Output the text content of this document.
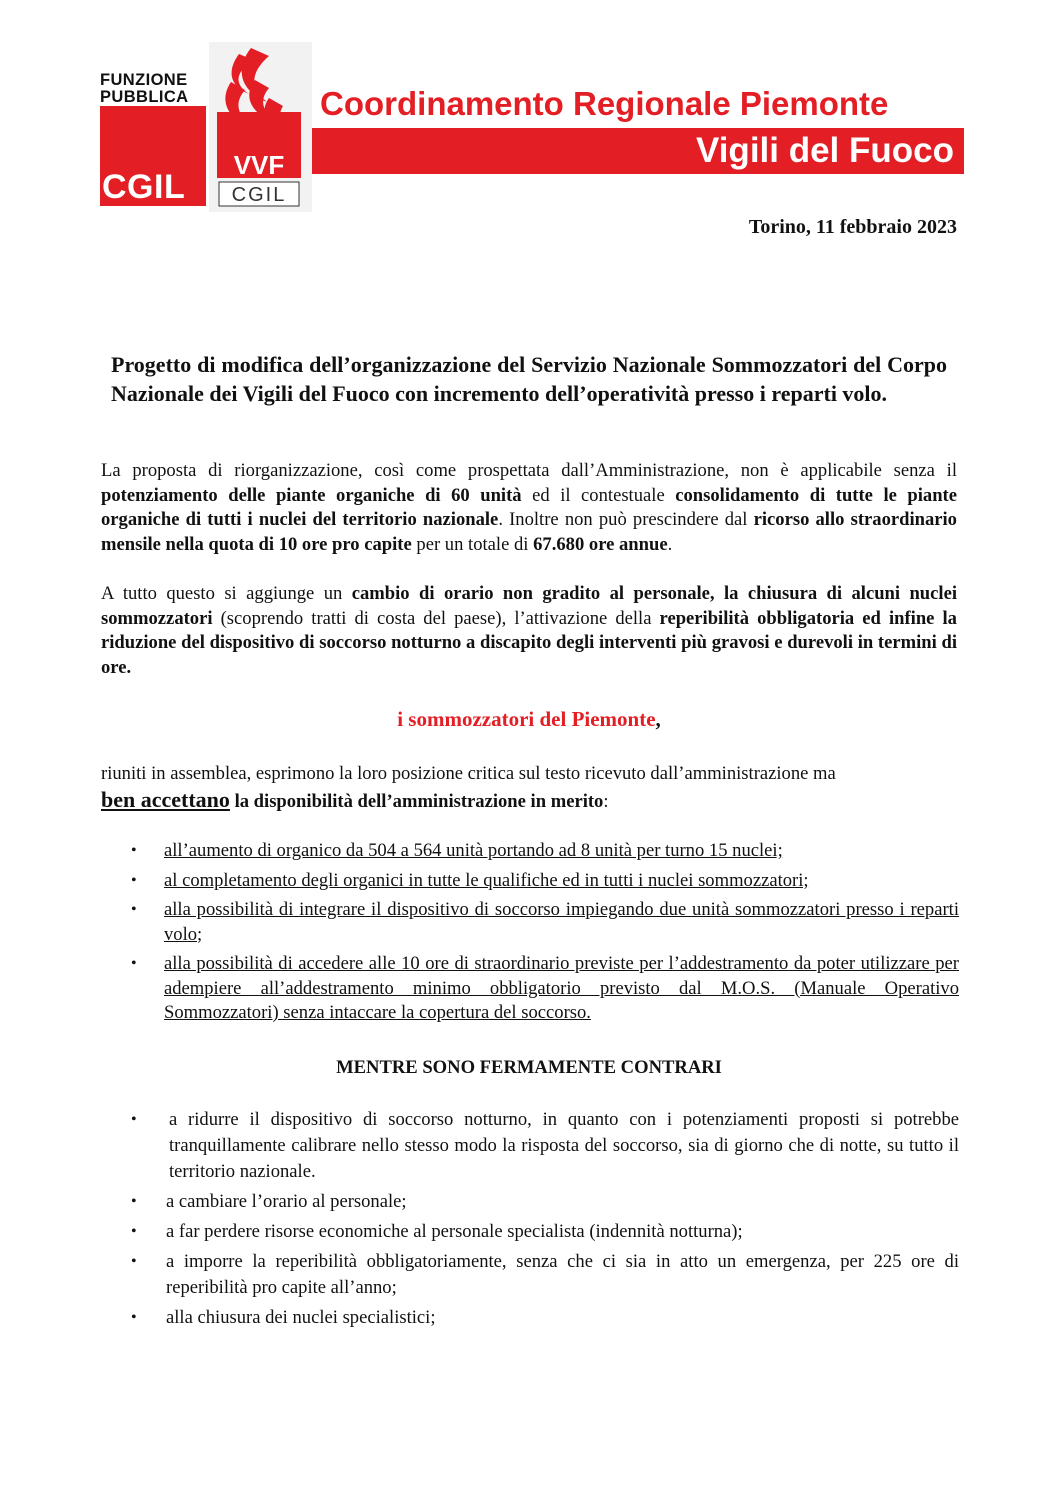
FUNZIONE
PUBBLICA
CGIL
VVF
CGIL
Coordinamento Regionale Piemonte
Vigili del Fuoco
Torino, 11 febbraio 2023
Progetto di modifica dell’organizzazione del Servizio Nazionale Sommozzatori del Corpo Nazionale dei Vigili del Fuoco con incremento dell’operatività presso i reparti volo.
La proposta di riorganizzazione, così come prospettata dall’Amministrazione, non è applicabile senza il potenziamento delle piante organiche di 60 unità ed il contestuale consolidamento di tutte le piante organiche di tutti i nuclei del territorio nazionale. Inoltre non può prescindere dal ricorso allo straordinario mensile nella quota di 10 ore pro capite per un totale di 67.680 ore annue.
A tutto questo si aggiunge un cambio di orario non gradito al personale, la chiusura di alcuni nuclei sommozzatori (scoprendo tratti di costa del paese), l’attivazione della reperibilità obbligatoria ed infine la riduzione del dispositivo di soccorso notturno a discapito degli interventi più gravosi e durevoli in termini di ore.
i sommozzatori del Piemonte,
riuniti in assemblea, esprimono la loro posizione critica sul testo ricevuto dall’amministrazione ma
ben accettano la disponibilità dell’amministrazione in merito:
• all’aumento di organico da 504 a 564 unità portando ad 8 unità per turno 15 nuclei;
• al completamento degli organici in tutte le qualifiche ed in tutti i nuclei sommozzatori;
• alla possibilità di integrare il dispositivo di soccorso impiegando due unità sommozzatori presso i reparti volo;
• alla possibilità di accedere alle 10 ore di straordinario previste per l’addestramento da poter utilizzare per adempiere all’addestramento minimo obbligatorio previsto dal M.O.S. (Manuale Operativo Sommozzatori) senza intaccare la copertura del soccorso.
MENTRE SONO FERMAMENTE CONTRARI
• a ridurre il dispositivo di soccorso notturno, in quanto con i potenziamenti proposti si potrebbe tranquillamente calibrare nello stesso modo la risposta del soccorso, sia di giorno che di notte, su tutto il territorio nazionale.
• a cambiare l’orario al personale;
• a far perdere risorse economiche al personale specialista (indennità notturna);
• a imporre la reperibilità obbligatoriamente, senza che ci sia in atto un emergenza, per 225 ore di reperibilità pro capite all’anno;
• alla chiusura dei nuclei specialistici;
